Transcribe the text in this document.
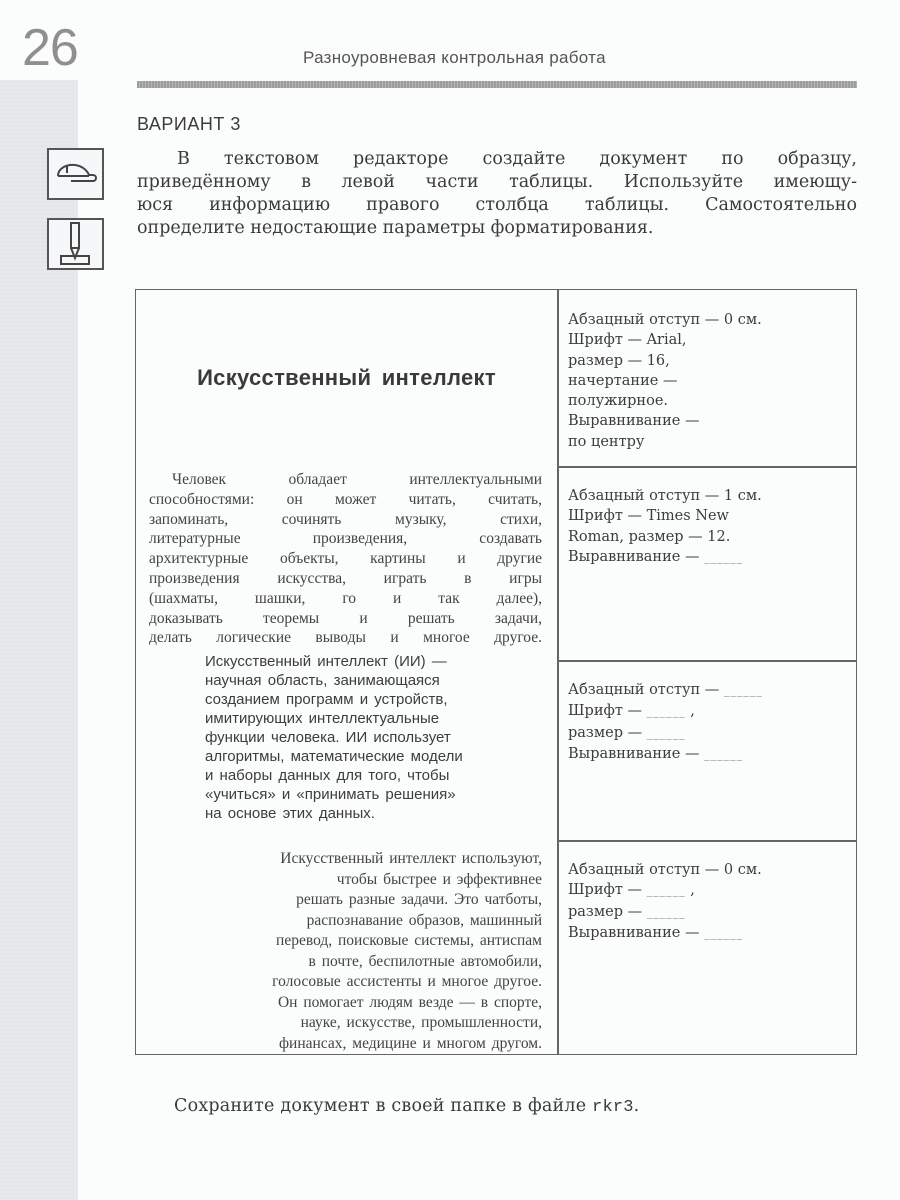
26	Разноуровневая контрольная работа
ВАРИАНТ 3

В текстовом редакторе создайте документ по образцу,

приведённому в левой части таблицы. Используйте имеющу-
юся информацию правого столбца таблицы. Самостоятельно
определите недостающие параметры форматирования.
Искусственный интеллект
Человек обладает интеллектуальными
способностями: он может читать, считать,
запоминать, сочинять музыку, стихи,
литературные произведения, создавать
архитектурные объекты, картины и другие
произведения искусства, играть в игры
(шахматы, шашки, го и так далее),
доказывать теоремы и решать задачи,
делать логические выводы и многое другое.
Искусственный интеллект (ИИ) —
научная область, занимающаяся
созданием программ и устройств,
имитирующих интеллектуальные
функции человека. ИИ использует
алгоритмы, математические модели
и наборы данных для того, чтобы
«учиться» и «принимать решения»
на основе этих данных.
Искусственный интеллект используют,
чтобы быстрее и эффективнее
решать разные задачи. Это чатботы,
распознавание образов, машинный
перевод, поисковые системы, антиспам
в почте, беспилотные автомобили,
голосовые ассистенты и многое другое.
Он помогает людям везде — в спорте,
науке, искусстве, промышленности,
финансах, медицине и многом другом.
Абзацный отступ — 0 см.
Шрифт — Arial,
размер — 16,
начертание —
полужирное.
Выравнивание —
по центру
Абзацный отступ — 1 см.
Шрифт — Times New
Roman, размер — 12.
Выравнивание — ______
Абзацный отступ — ______
Шрифт — ______ ,
размер — ______
Выравнивание — ______
Абзацный отступ — 0 см.
Шрифт — ______ ,
размер — ______
Выравнивание — ______
Сохраните документ в своей папке в файле rkr3.
